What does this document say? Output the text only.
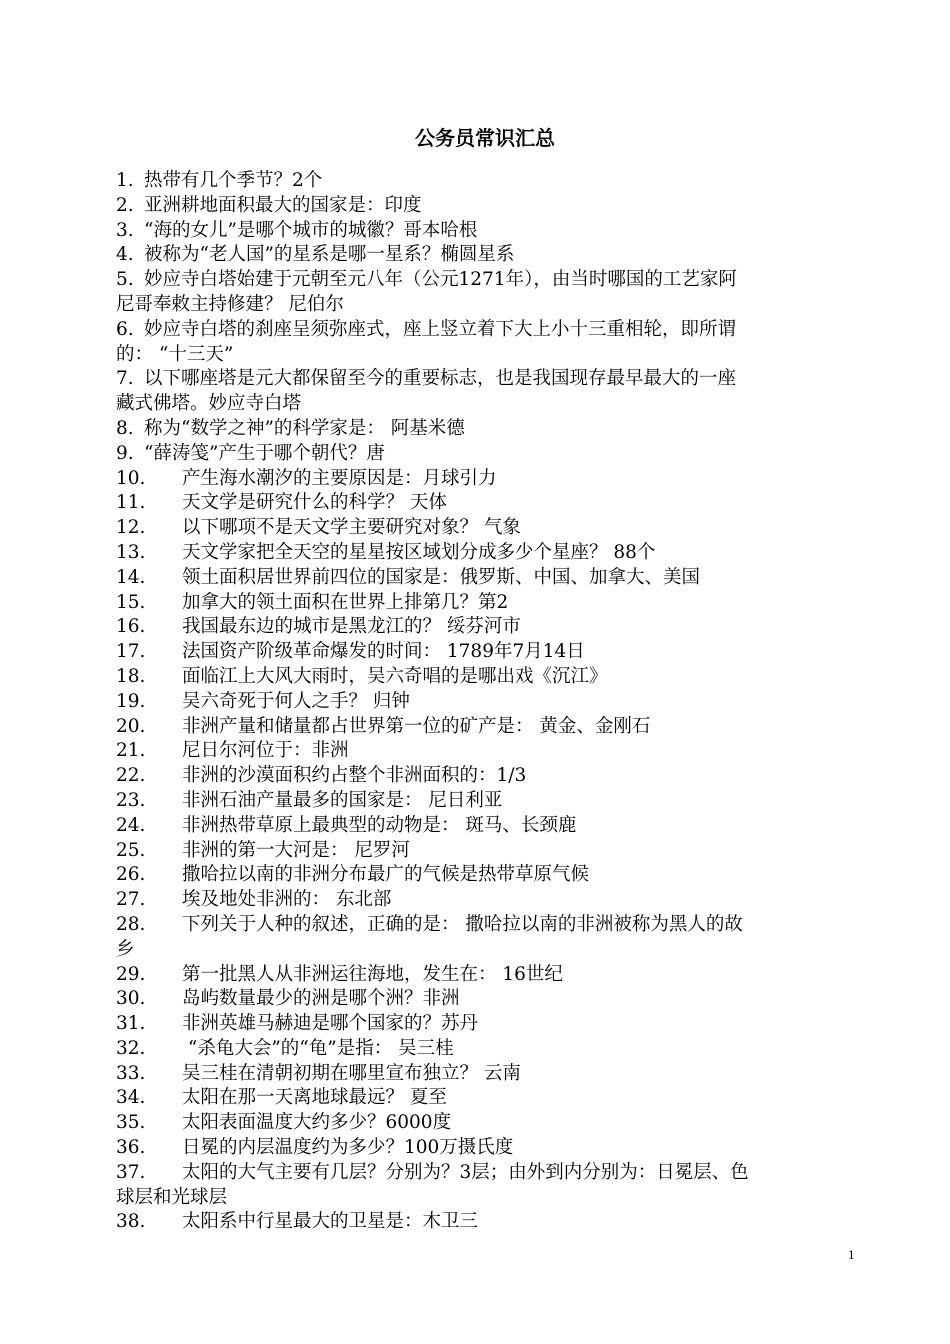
公务员常识汇总
1. 热带有几个季节？2个
2. 亚洲耕地面积最大的国家是：印度
3. “海的女儿”是哪个城市的城徽？哥本哈根
4. 被称为“老人国”的星系是哪一星系？椭圆星系
5. 妙应寺白塔始建于元朝至元八年（公元1271年），由当时哪国的工艺家阿
尼哥奉敕主持修建？ 尼伯尔
6. 妙应寺白塔的刹座呈须弥座式，座上竖立着下大上小十三重相轮，即所谓
的： “十三天”
7. 以下哪座塔是元大都保留至今的重要标志，也是我国现存最早最大的一座
藏式佛塔。妙应寺白塔
8. 称为“数学之神”的科学家是： 阿基米德
9. “薛涛笺”产生于哪个朝代？唐
10. 产生海水潮汐的主要原因是：月球引力
11. 天文学是研究什么的科学？ 天体
12. 以下哪项不是天文学主要研究对象？ 气象
13. 天文学家把全天空的星星按区域划分成多少个星座？ 88个
14. 领土面积居世界前四位的国家是：俄罗斯、中国、加拿大、美国
15. 加拿大的领土面积在世界上排第几？第2
16. 我国最东边的城市是黑龙江的？ 绥芬河市
17. 法国资产阶级革命爆发的时间： 1789年7月14日
18. 面临江上大风大雨时，吴六奇唱的是哪出戏《沉江》
19. 吴六奇死于何人之手？ 归钟
20. 非洲产量和储量都占世界第一位的矿产是： 黄金、金刚石
21. 尼日尔河位于：非洲
22. 非洲的沙漠面积约占整个非洲面积的：1/3
23. 非洲石油产量最多的国家是： 尼日利亚
24. 非洲热带草原上最典型的动物是： 斑马、长颈鹿
25. 非洲的第一大河是： 尼罗河
26. 撒哈拉以南的非洲分布最广的气候是热带草原气候
27. 埃及地处非洲的： 东北部
28. 下列关于人种的叙述，正确的是： 撒哈拉以南的非洲被称为黑人的故
乡
29. 第一批黑人从非洲运往海地，发生在： 16世纪
30. 岛屿数量最少的洲是哪个洲？非洲
31. 非洲英雄马赫迪是哪个国家的？苏丹
32. “杀龟大会”的“龟”是指： 吴三桂
33. 吴三桂在清朝初期在哪里宣布独立？ 云南
34. 太阳在那一天离地球最远？ 夏至
35. 太阳表面温度大约多少？6000度
36. 日冕的内层温度约为多少？100万摄氏度
37. 太阳的大气主要有几层？分别为？3层；由外到内分别为：日冕层、色
球层和光球层
38. 太阳系中行星最大的卫星是：木卫三
1
